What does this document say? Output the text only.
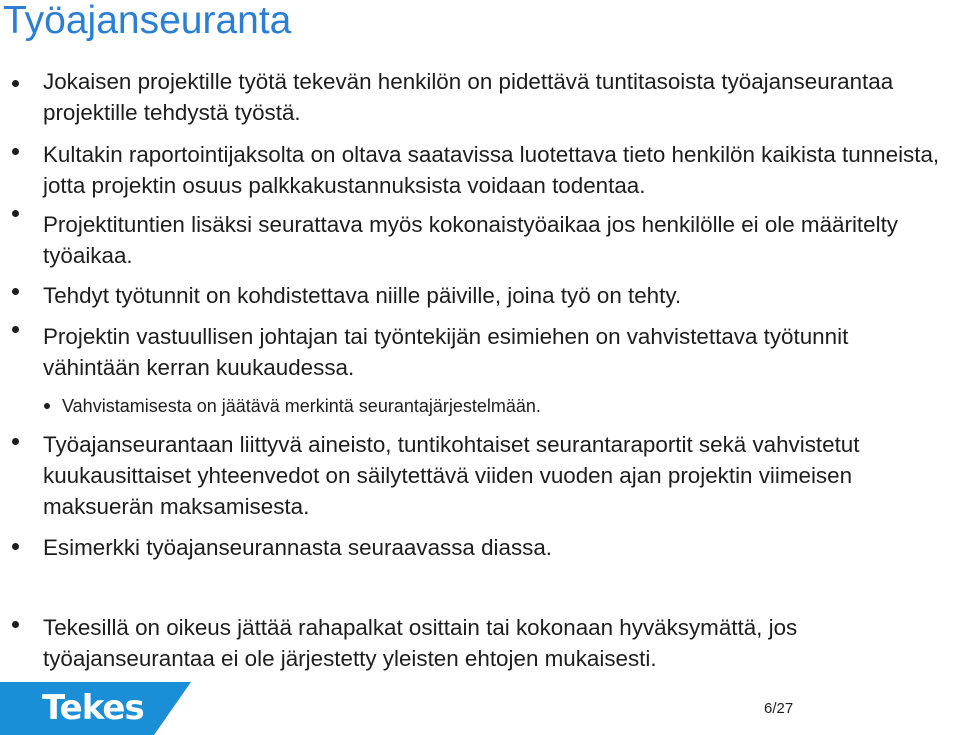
Työajanseuranta
Jokaisen projektille työtä tekevän henkilön on pidettävä tuntitasoista työajanseurantaa projektille tehdystä työstä.
Kultakin raportointijaksolta on oltava saatavissa luotettava tieto henkilön kaikista tunneista, jotta projektin osuus palkkakustannuksista voidaan todentaa.
Projektituntien lisäksi seurattava myös kokonaistyöaikaa jos henkilölle ei ole määritelty työaikaa.
Tehdyt työtunnit on kohdistettava niille päiville, joina työ on tehty.
Projektin vastuullisen johtajan tai työntekijän esimiehen on vahvistettava työtunnit vähintään kerran kuukaudessa.
Vahvistamisesta on jäätävä merkintä seurantajärjestelmään.
Työajanseurantaan liittyvä aineisto, tuntikohtaiset seurantaraportit sekä vahvistetut kuukausittaiset yhteenvedot on säilytettävä viiden vuoden ajan projektin viimeisen maksuerän maksamisesta.
Esimerkki työajanseurannasta seuraavassa diassa.
Tekesillä on oikeus jättää rahapalkat osittain tai kokonaan hyväksymättä, jos työajanseurantaa ei ole järjestetty yleisten ehtojen mukaisesti.
Tekes	6/27
